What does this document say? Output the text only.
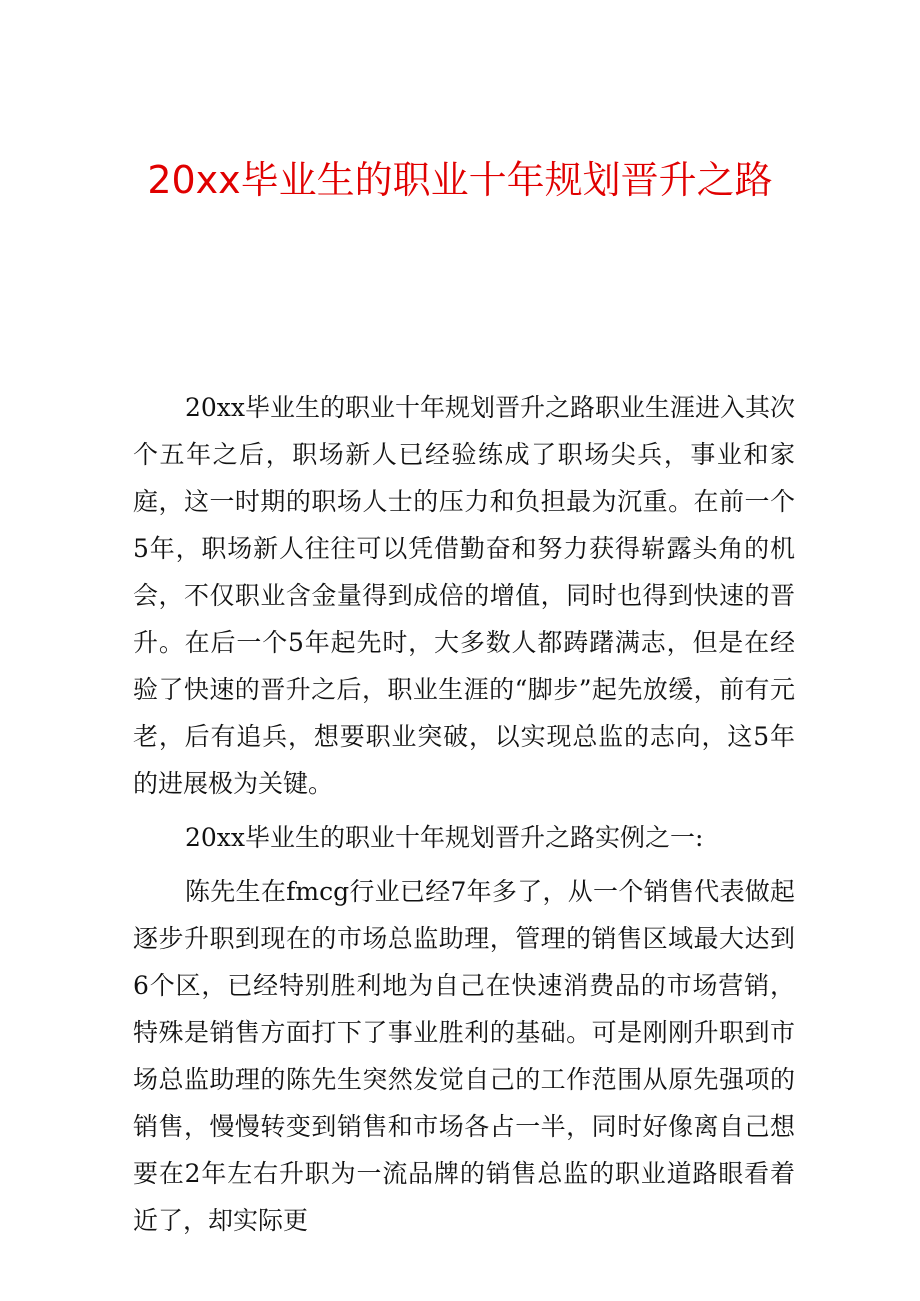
20xx毕业生的职业十年规划晋升之路

20xx毕业生的职业十年规划晋升之路职业生涯进入其次个五年之后，职场新人已经验练成了职场尖兵，事业和家庭，这一时期的职场人士的压力和负担最为沉重。在前一个5年，职场新人往往可以凭借勤奋和努力获得崭露头角的机会，不仅职业含金量得到成倍的增值，同时也得到快速的晋升。在后一个5年起先时，大多数人都踌躇满志，但是在经验了快速的晋升之后，职业生涯的“脚步”起先放缓，前有元老，后有追兵，想要职业突破，以实现总监的志向，这5年的进展极为关键。

20xx毕业生的职业十年规划晋升之路实例之一:

陈先生在fmcg行业已经7年多了，从一个销售代表做起逐步升职到现在的市场总监助理，管理的销售区域最大达到6个区，已经特别胜利地为自己在快速消费品的市场营销，特殊是销售方面打下了事业胜利的基础。可是刚刚升职到市场总监助理的陈先生突然发觉自己的工作范围从原先强项的销售，慢慢转变到销售和市场各占一半，同时好像离自己想要在2年左右升职为一流品牌的销售总监的职业道路眼看着近了，却实际更
